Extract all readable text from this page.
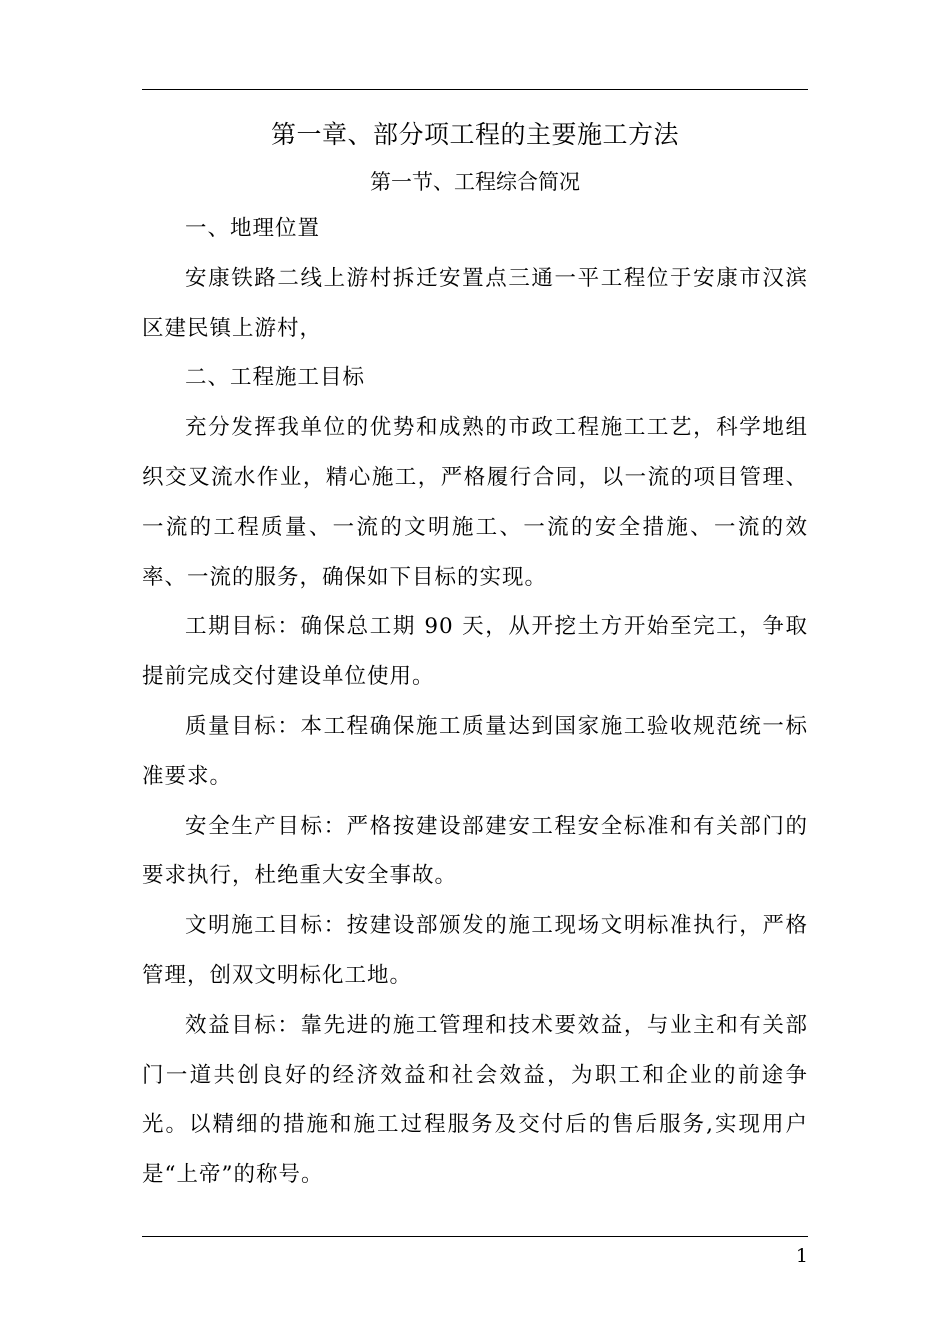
第一章、部分项工程的主要施工方法
第一节、工程综合简况

一、地理位置

安康铁路二线上游村拆迁安置点三通一平工程位于安康市汉滨区建民镇上游村，

二、工程施工目标

充分发挥我单位的优势和成熟的市政工程施工工艺，科学地组织交叉流水作业，精心施工，严格履行合同，以一流的项目管理、一流的工程质量、一流的文明施工、一流的安全措施、一流的效率、一流的服务，确保如下目标的实现。

工期目标：确保总工期 90 天，从开挖土方开始至完工，争取提前完成交付建设单位使用。

质量目标：本工程确保施工质量达到国家施工验收规范统一标准要求。

安全生产目标：严格按建设部建安工程安全标准和有关部门的要求执行，杜绝重大安全事故。

文明施工目标：按建设部颁发的施工现场文明标准执行，严格管理，创双文明标化工地。

效益目标：靠先进的施工管理和技术要效益，与业主和有关部门一道共创良好的经济效益和社会效益，为职工和企业的前途争光。以精细的措施和施工过程服务及交付后的售后服务,实现用户是“上帝”的称号。

1
